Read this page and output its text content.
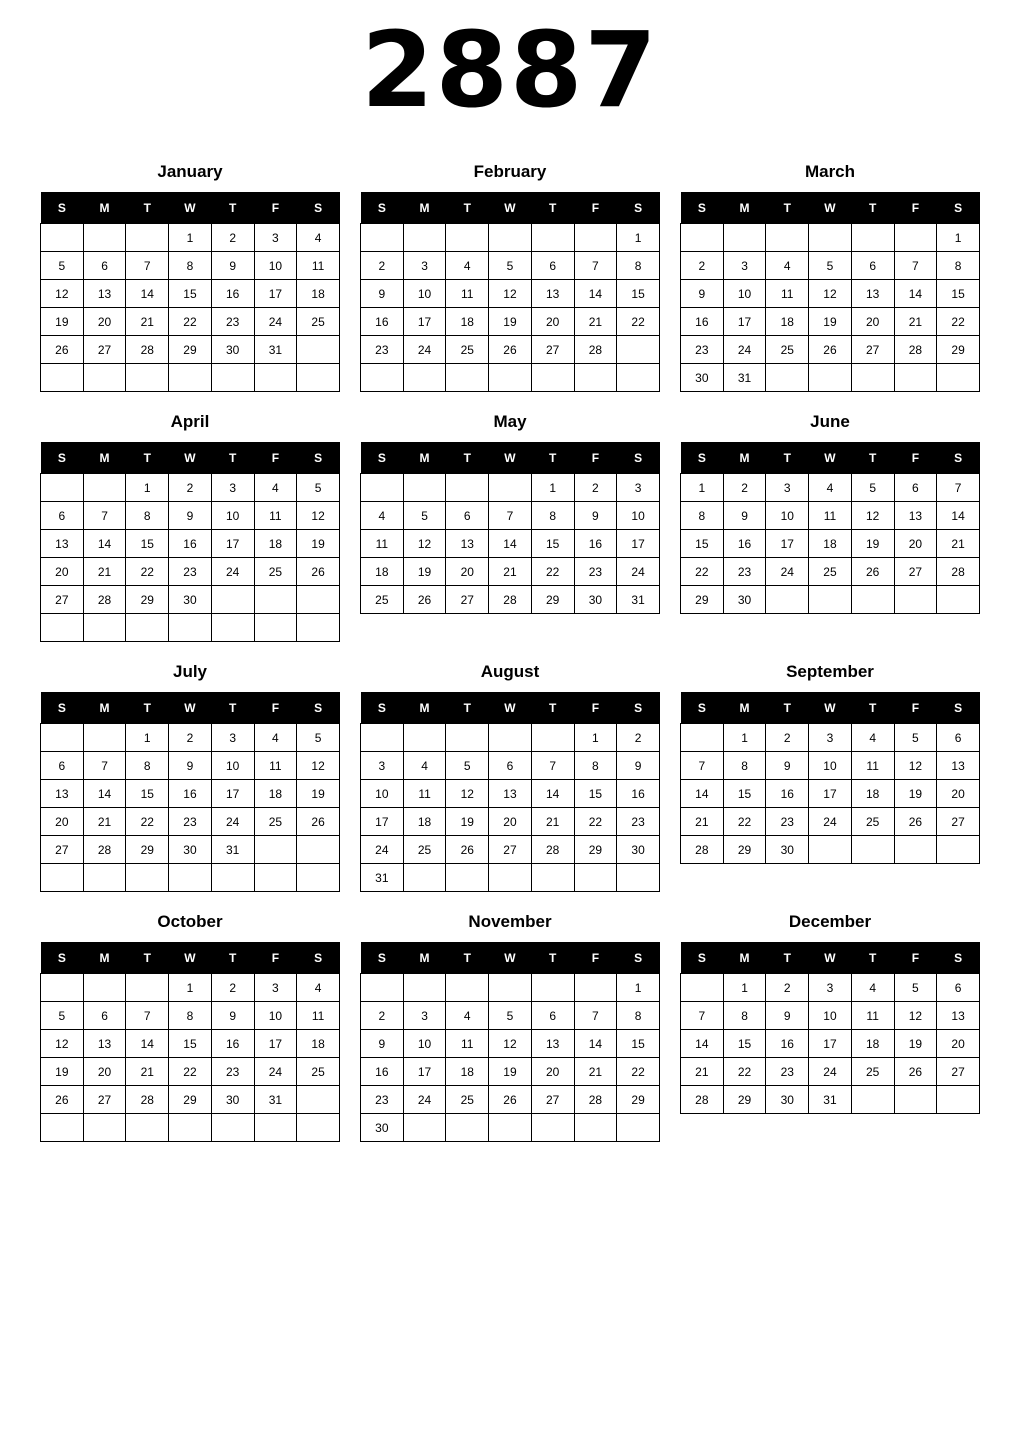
2887
January
S	M	T	W	T	F	S
			1	2	3	4
5	6	7	8	9	10	11
12	13	14	15	16	17	18
19	20	21	22	23	24	25
26	27	28	29	30	31	

February
S	M	T	W	T	F	S
						1
2	3	4	5	6	7	8
9	10	11	12	13	14	15
16	17	18	19	20	21	22
23	24	25	26	27	28	

March
S	M	T	W	T	F	S
						1
2	3	4	5	6	7	8
9	10	11	12	13	14	15
16	17	18	19	20	21	22
23	24	25	26	27	28	29
30	31					
April
S	M	T	W	T	F	S
		1	2	3	4	5
6	7	8	9	10	11	12
13	14	15	16	17	18	19
20	21	22	23	24	25	26
27	28	29	30			

May
S	M	T	W	T	F	S
				1	2	3
4	5	6	7	8	9	10
11	12	13	14	15	16	17
18	19	20	21	22	23	24
25	26	27	28	29	30	31
June
S	M	T	W	T	F	S
1	2	3	4	5	6	7
8	9	10	11	12	13	14
15	16	17	18	19	20	21
22	23	24	25	26	27	28
29	30					
July
S	M	T	W	T	F	S
		1	2	3	4	5
6	7	8	9	10	11	12
13	14	15	16	17	18	19
20	21	22	23	24	25	26
27	28	29	30	31		

August
S	M	T	W	T	F	S
					1	2
3	4	5	6	7	8	9
10	11	12	13	14	15	16
17	18	19	20	21	22	23
24	25	26	27	28	29	30
31						
September
S	M	T	W	T	F	S
	1	2	3	4	5	6
7	8	9	10	11	12	13
14	15	16	17	18	19	20
21	22	23	24	25	26	27
28	29	30				
October
S	M	T	W	T	F	S
			1	2	3	4
5	6	7	8	9	10	11
12	13	14	15	16	17	18
19	20	21	22	23	24	25
26	27	28	29	30	31	

November
S	M	T	W	T	F	S
						1
2	3	4	5	6	7	8
9	10	11	12	13	14	15
16	17	18	19	20	21	22
23	24	25	26	27	28	29
30						
December
S	M	T	W	T	F	S
	1	2	3	4	5	6
7	8	9	10	11	12	13
14	15	16	17	18	19	20
21	22	23	24	25	26	27
28	29	30	31			
